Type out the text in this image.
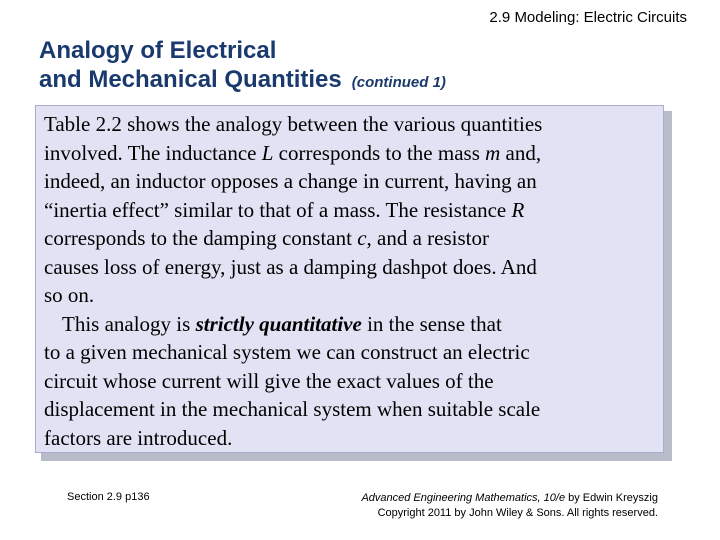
2.9 Modeling: Electric Circuits
Analogy of Electrical
and Mechanical Quantities (continued 1)

Table 2.2 shows the analogy between the various quantities
involved. The inductance L corresponds to the mass m and,
indeed, an inductor opposes a change in current, having an
“inertia effect” similar to that of a mass. The resistance R
corresponds to the damping constant c, and a resistor
causes loss of energy, just as a damping dashpot does. And
so on.
This analogy is strictly quantitative in the sense that
to a given mechanical system we can construct an electric
circuit whose current will give the exact values of the
displacement in the mechanical system when suitable scale
factors are introduced.

Section 2.9 p136	Advanced Engineering Mathematics, 10/e by Edwin Kreyszig
Copyright 2011 by John Wiley & Sons. All rights reserved.
